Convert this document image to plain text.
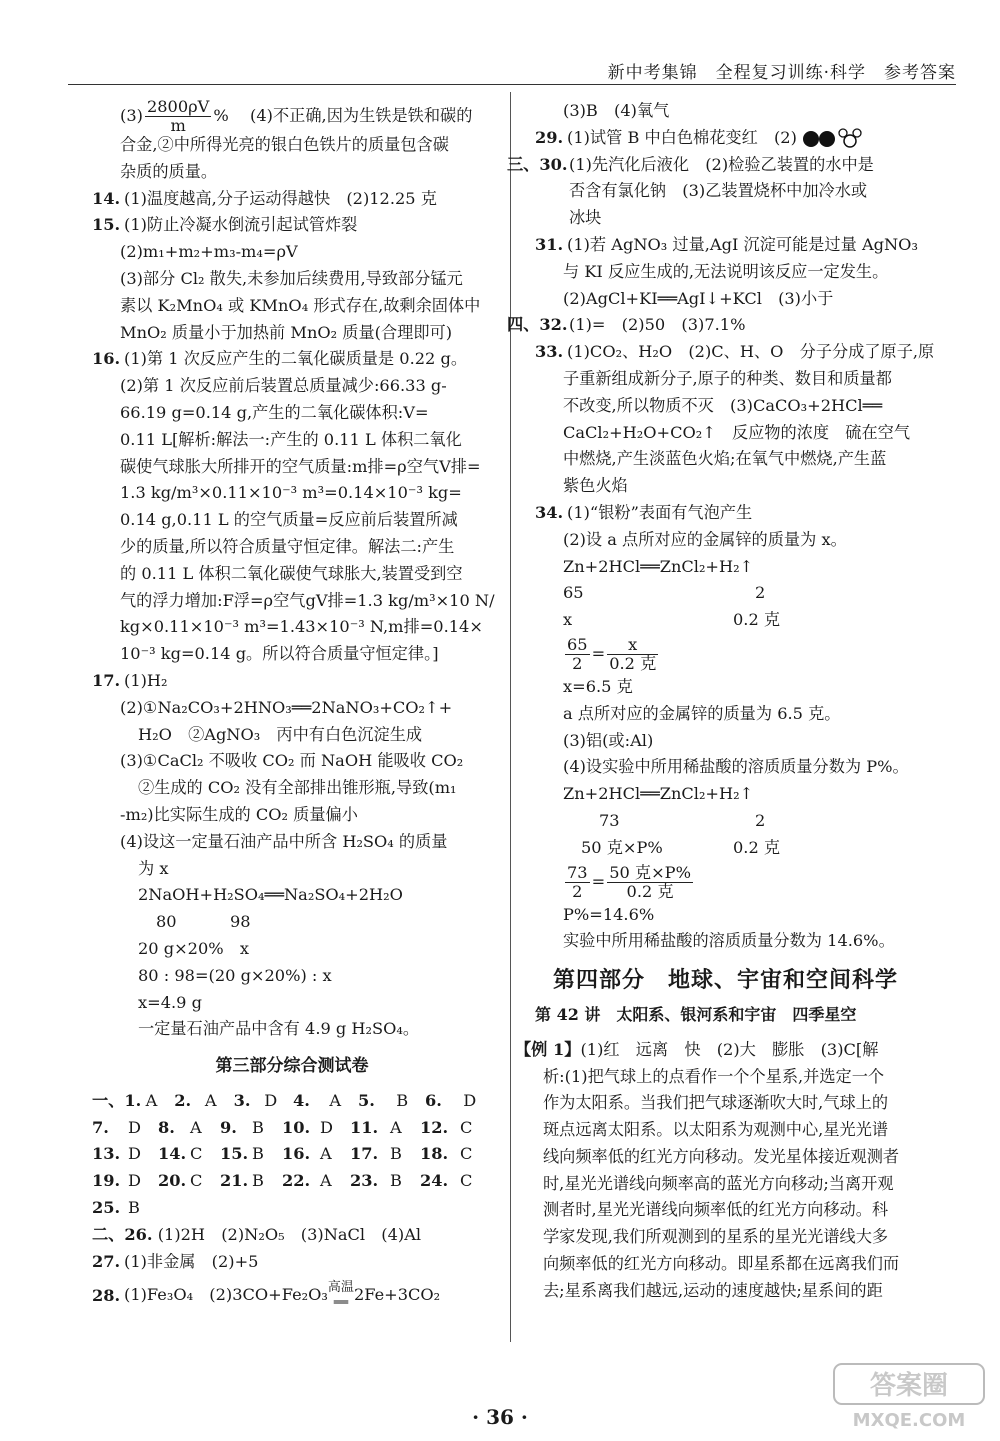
新中考集锦　全程复习训练·科学　参考答案
$(3) \frac{2800\rho V}{m}$ % 　(4)不正确,因为生铁是铁和碳的
合金,②中所得光亮的银白色铁片的质量包含碳
杂质的质量。
14. (1)温度越高,分子运动得越快　(2)12.25 克
15. (1)防止冷凝水倒流引起试管炸裂
(2)m₁+m₂+m₃-m₄=ρV
(3)部分 Cl₂ 散失,未参加后续费用,导致部分锰元
素以 K₂MnO₄ 或 KMnO₄ 形式存在,故剩余固体中
MnO₂ 质量小于加热前 MnO₂ 质量(合理即可)
16. (1)第 1 次反应产生的二氧化碳质量是 0.22 g。
(2)第 1 次反应前后装置总质量减少:66.33 g-
66.19 g=0.14 g,产生的二氧化碳体积:V=
0.11 L[解析:解法一:产生的 0.11 L 体积二氧化
碳使气球胀大所排开的空气质量:m排=ρ空气V排=
1.3 kg/m³×0.11×10⁻³ m³=0.14×10⁻³ kg=
0.14 g,0.11 L 的空气质量=反应前后装置所减
少的质量,所以符合质量守恒定律。解法二:产生
的 0.11 L 体积二氧化碳使气球胀大,装置受到空
气的浮力增加:F浮=ρ空气gV排=1.3 kg/m³×10 N/
kg×0.11×10⁻³ m³=1.43×10⁻³ N,m排=0.14×
10⁻³ kg=0.14 g。所以符合质量守恒定律。]
17. (1)H₂
(2)①Na₂CO₃+2HNO₃══2NaNO₃+CO₂↑+
H₂O　②AgNO₃　丙中有白色沉淀生成
(3)①CaCl₂ 不吸收 CO₂ 而 NaOH 能吸收 CO₂
②生成的 CO₂ 没有全部排出锥形瓶,导致(m₁
-m₂)比实际生成的 CO₂ 质量偏小
(4)设这一定量石油产品中所含 H₂SO₄ 的质量
为 x
2NaOH+H₂SO₄══Na₂SO₄+2H₂O
80	98
20 g×20%　x
80 : 98=(20 g×20%) : x
x=4.9 g
一定量石油产品中含有 4.9 g H₂SO₄。
第三部分综合测试卷
一、1. A	2. A	3. D 4.	A	5.	B	6.	D
7.	D	8. A	9. B	10. D	11. A	12. C
13. D	14. C	15. B	16. A	17. B	18. C
19. D	20. C	21. B	22. A	23. B	24. C
25. B
二、26. (1)2H　(2)N₂O₅　(3)NaCl　(4)Al
27. (1)非金属　(2)+5
28. (1)Fe₃O₄　(2)3CO+Fe₂O₃ 高温
══ 2Fe+3CO₂
(3)B　(4)氧气
29. (1)试管 B 中白色棉花变红　(2)
三、30.(1)先汽化后液化　(2)检验乙装置的水中是
否含有氯化钠　(3)乙装置烧杯中加冷水或
冰块
31. (1)若 AgNO₃ 过量,AgI 沉淀可能是过量 AgNO₃
与 KI 反应生成的,无法说明该反应一定发生。
(2)AgCl+KI══AgI↓+KCl　(3)小于
四、32.(1)=　(2)50　(3)7.1%
33. (1)CO₂、H₂O　(2)C、H、O　分子分成了原子,原
子重新组成新分子,原子的种类、数目和质量都
不改变,所以物质不灭　(3)CaCO₃+2HCl══
CaCl₂+H₂O+CO₂↑　反应物的浓度　硫在空气
中燃烧,产生淡蓝色火焰;在氧气中燃烧,产生蓝
紫色火焰
34. (1)“银粉”表面有气泡产生
(2)设 a 点所对应的金属锌的质量为 x。
Zn+2HCl══ZnCl₂+H₂↑
65	2
x	0.2 克
$\frac{65}{2} = \frac{x}{\text{0.2 克}}$
x=6.5 克
a 点所对应的金属锌的质量为 6.5 克。
(3)铝(或:Al)
(4)设实验中所用稀盐酸的溶质质量分数为 P%。
Zn+2HCl══ZnCl₂+H₂↑
73	2
50 克×P%	0.2 克
$\frac{73}{2} = \frac{\text{50 克×P\%}}{\text{0.2 克}}$
P%=14.6%
实验中所用稀盐酸的溶质质量分数为 14.6%。
第四部分　地球、宇宙和空间科学
第 42 讲　太阳系、银河系和宇宙　四季星空
【例 1】(1)红　远离　快　(2)大　膨胀　(3)C[解
析:(1)把气球上的点看作一个个星系,并选定一个
作为太阳系。当我们把气球逐渐吹大时,气球上的
斑点远离太阳系。以太阳系为观测中心,星光光谱
线向频率低的红光方向移动。发光星体接近观测者
时,星光光谱线向频率高的蓝光方向移动;当离开观
测者时,星光光谱线向频率低的红光方向移动。科
学家发现,我们所观测到的星系的星光光谱线大多
向频率低的红光方向移动。即星系都在远离我们而
去;星系离我们越远,运动的速度越快;星系间的距
· 36 ·
答案圈
MXQE.COM
